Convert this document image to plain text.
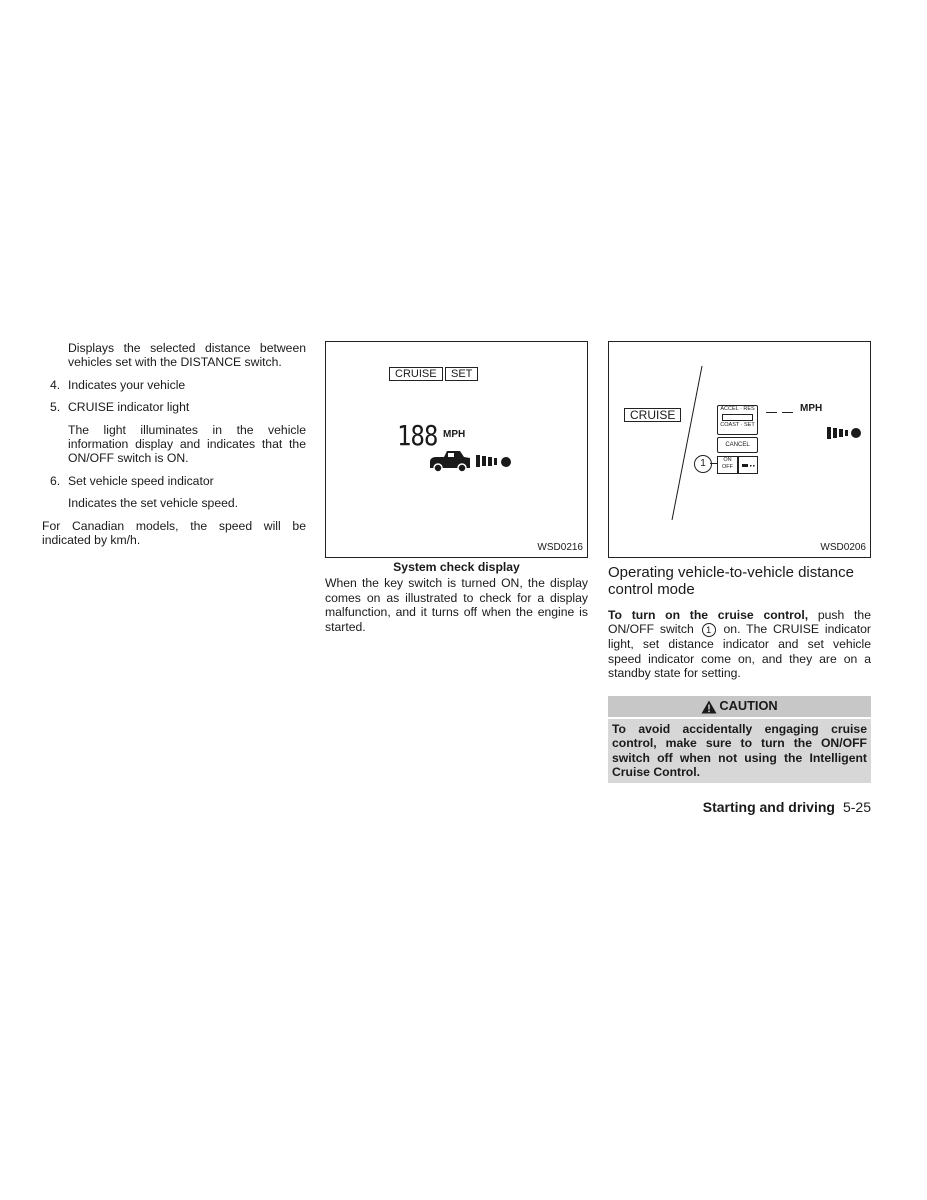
Displays the selected distance between vehicles set with the DISTANCE switch.

4. Indicates your vehicle
5. CRUISE indicator light

The light illuminates in the vehicle information display and indicates that the ON/OFF switch is ON.

6. Set vehicle speed indicator

Indicates the set vehicle speed.

For Canadian models, the speed will be indicated by km/h.

CRUISE	SET
188 MPH
WSD0216
System check display

When the key switch is turned ON, the display comes on as illustrated to check for a display malfunction, and it turns off when the engine is started.

CRUISE	ACCEL · RES
COAST · SET
CANCEL
ON
OFF
1
MPH
WSD0206
Operating vehicle-to-vehicle distance control mode

To turn on the cruise control, push the ON/OFF switch 1 on. The CRUISE indicator light, set distance indicator and set vehicle speed indicator come on, and they are on a standby state for setting.

CAUTION
To avoid accidentally engaging cruise control, make sure to turn the ON/OFF switch off when not using the Intelligent Cruise Control.
Starting and driving 5-25
